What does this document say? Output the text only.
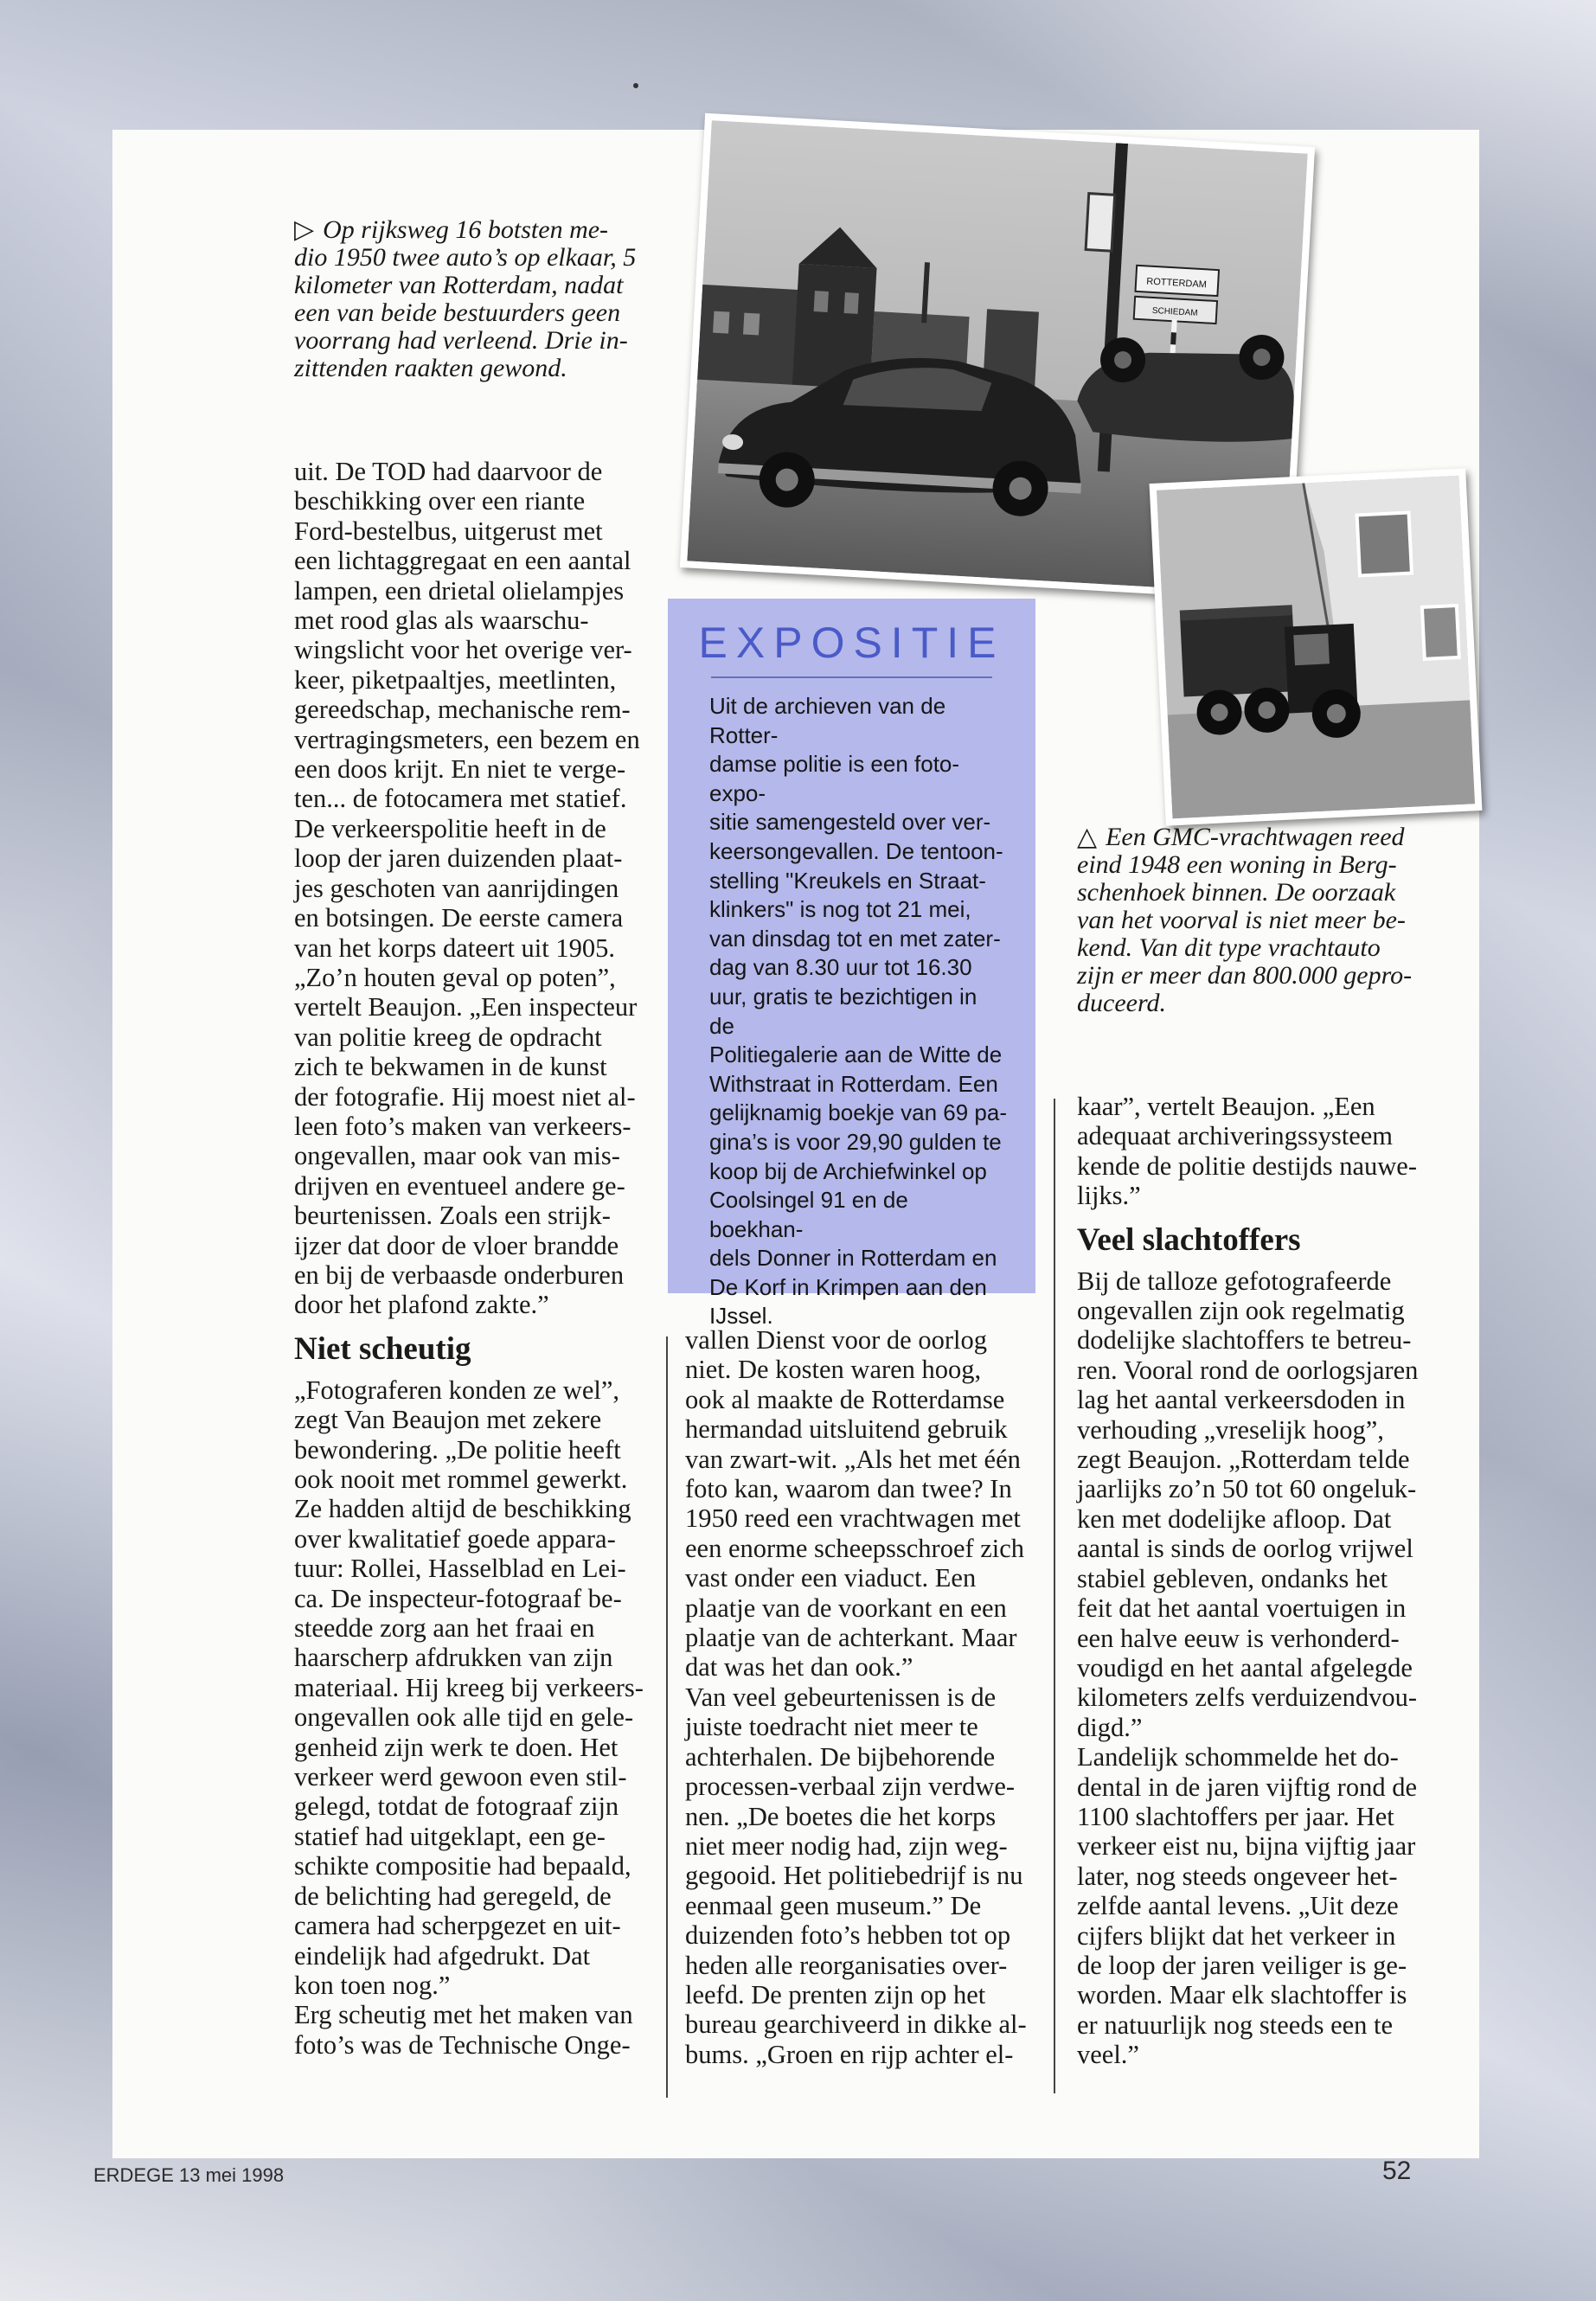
▷ Op rijksweg 16 botsten me-
dio 1950 twee auto’s op elkaar, 5
kilometer van Rotterdam, nadat
een van beide bestuurders geen
voorrang had verleend. Drie in-
zittenden raakten gewond.
ROTTERDAM
SCHIEDAM
EXPOSITIE
Uit de archieven van de Rotter-
damse politie is een foto-expo-
sitie samengesteld over ver-
keersongevallen. De tentoon-
stelling "Kreukels en Straat-
klinkers" is nog tot 21 mei,
van dinsdag tot en met zater-
dag van 8.30 uur tot 16.30
uur, gratis te bezichtigen in de
Politiegalerie aan de Witte de
Withstraat in Rotterdam. Een
gelijknamig boekje van 69 pa-
gina’s is voor 29,90 gulden te
koop bij de Archiefwinkel op
Coolsingel 91 en de boekhan-
dels Donner in Rotterdam en
De Korf in Krimpen aan den
IJssel.
△ Een GMC-vrachtwagen reed
eind 1948 een woning in Berg-
schenhoek binnen. De oorzaak
van het voorval is niet meer be-
kend. Van dit type vrachtauto
zijn er meer dan 800.000 gepro-
duceerd.

uit. De TOD had daarvoor de
beschikking over een riante
Ford-bestelbus, uitgerust met
een lichtaggregaat en een aantal
lampen, een drietal olielampjes
met rood glas als waarschu-
wingslicht voor het overige ver-
keer, piketpaaltjes, meetlinten,
gereedschap, mechanische rem-
vertragingsmeters, een bezem en
een doos krijt. En niet te verge-
ten... de fotocamera met statief.
De verkeerspolitie heeft in de
loop der jaren duizenden plaat-
jes geschoten van aanrijdingen
en botsingen. De eerste camera
van het korps dateert uit 1905.
„Zo’n houten geval op poten”,
vertelt Beaujon. „Een inspecteur
van politie kreeg de opdracht
zich te bekwamen in de kunst
der fotografie. Hij moest niet al-
leen foto’s maken van verkeers-
ongevallen, maar ook van mis-
drijven en eventueel andere ge-
beurtenissen. Zoals een strijk-
ijzer dat door de vloer brandde
en bij de verbaasde onderburen
door het plafond zakte.”

Niet scheutig

„Fotograferen konden ze wel”,
zegt Van Beaujon met zekere
bewondering. „De politie heeft
ook nooit met rommel gewerkt.
Ze hadden altijd de beschikking
over kwalitatief goede appara-
tuur: Rollei, Hasselblad en Lei-
ca. De inspecteur-fotograaf be-
steedde zorg aan het fraai en
haarscherp afdrukken van zijn
materiaal. Hij kreeg bij verkeers-
ongevallen ook alle tijd en gele-
genheid zijn werk te doen. Het
verkeer werd gewoon even stil-
gelegd, totdat de fotograaf zijn
statief had uitgeklapt, een ge-
schikte compositie had bepaald,
de belichting had geregeld, de
camera had scherpgezet en uit-
eindelijk had afgedrukt. Dat
kon toen nog.”
Erg scheutig met het maken van
foto’s was de Technische Onge-

vallen Dienst voor de oorlog
niet. De kosten waren hoog,
ook al maakte de Rotterdamse
hermandad uitsluitend gebruik
van zwart-wit. „Als het met één
foto kan, waarom dan twee? In
1950 reed een vrachtwagen met
een enorme scheepsschroef zich
vast onder een viaduct. Een
plaatje van de voorkant en een
plaatje van de achterkant. Maar
dat was het dan ook.”
Van veel gebeurtenissen is de
juiste toedracht niet meer te
achterhalen. De bijbehorende
processen-verbaal zijn verdwe-
nen. „De boetes die het korps
niet meer nodig had, zijn weg-
gegooid. Het politiebedrijf is nu
eenmaal geen museum.” De
duizenden foto’s hebben tot op
heden alle reorganisaties over-
leefd. De prenten zijn op het
bureau gearchiveerd in dikke al-
bums. „Groen en rijp achter el-

kaar”, vertelt Beaujon. „Een
adequaat archiveringssysteem
kende de politie destijds nauwe-
lijks.”

Veel slachtoffers

Bij de talloze gefotografeerde
ongevallen zijn ook regelmatig
dodelijke slachtoffers te betreu-
ren. Vooral rond de oorlogsjaren
lag het aantal verkeersdoden in
verhouding „vreselijk hoog”,
zegt Beaujon. „Rotterdam telde
jaarlijks zo’n 50 tot 60 ongeluk-
ken met dodelijke afloop. Dat
aantal is sinds de oorlog vrijwel
stabiel gebleven, ondanks het
feit dat het aantal voertuigen in
een halve eeuw is verhonderd-
voudigd en het aantal afgelegde
kilometers zelfs verduizendvou-
digd.”
Landelijk schommelde het do-
dental in de jaren vijftig rond de
1100 slachtoffers per jaar. Het
verkeer eist nu, bijna vijftig jaar
later, nog steeds ongeveer het-
zelfde aantal levens. „Uit deze
cijfers blijkt dat het verkeer in
de loop der jaren veiliger is ge-
worden. Maar elk slachtoffer is
er natuurlijk nog steeds een te
veel.”

ERDEGE 13 mei 1998	52
